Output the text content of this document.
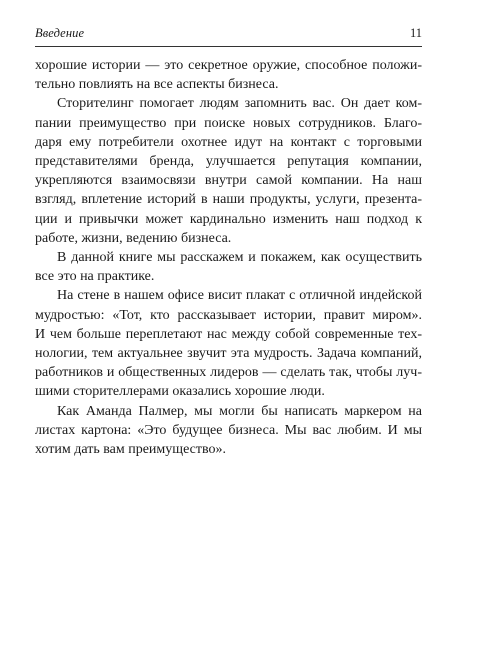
Введение	11

хорошие истории — это секретное оружие, способное положи-
тельно повлиять на все аспекты бизнеса.

Сторителинг помогает людям запомнить вас. Он дает ком-
пании преимущество при поиске новых сотрудников. Благо-
даря ему потребители охотнее идут на контакт с торговыми
представителями бренда, улучшается репутация компании,
укрепляются взаимосвязи внутри самой компании. На наш
взгляд, вплетение историй в наши продукты, услуги, презента-
ции и привычки может кардинально изменить наш подход к
работе, жизни, ведению бизнеса.

В данной книге мы расскажем и покажем, как осуществить
все это на практике.

На стене в нашем офисе висит плакат с отличной индейской
мудростью: «Тот, кто рассказывает истории, правит миром».
И чем больше переплетают нас между собой современные тех-
нологии, тем актуальнее звучит эта мудрость. Задача компаний,
работников и общественных лидеров — сделать так, чтобы луч-
шими сторителлерами оказались хорошие люди.

Как Аманда Палмер, мы могли бы написать маркером на
листах картона: «Это будущее бизнеса. Мы вас любим. И мы
хотим дать вам преимущество».
